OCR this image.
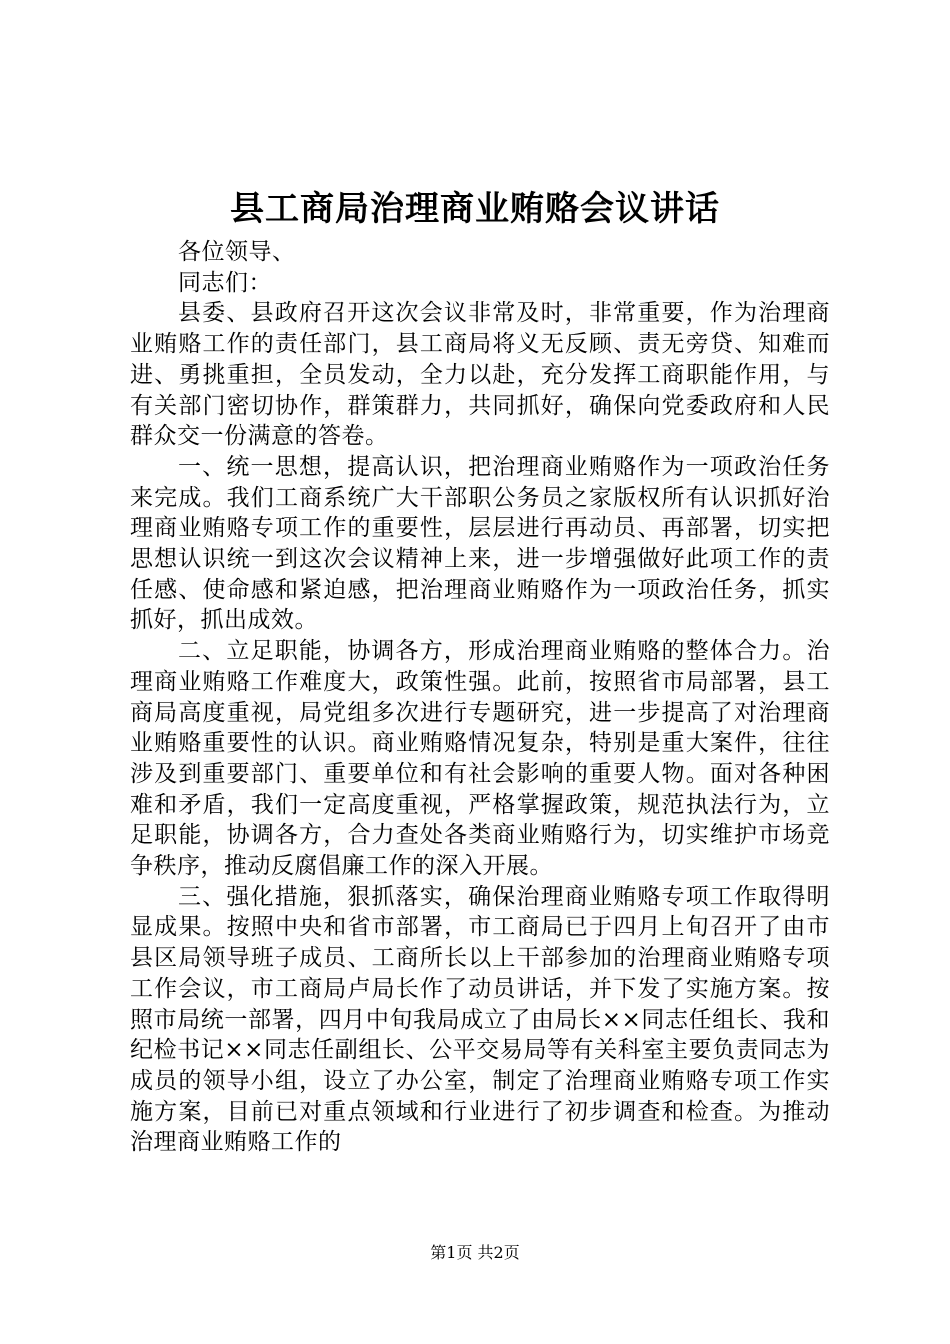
县工商局治理商业贿赂会议讲话

各位领导、

同志们：

县委、县政府召开这次会议非常及时，非常重要，作为治理商业贿赂工作的责任部门，县工商局将义无反顾、责无旁贷、知难而进、勇挑重担，全员发动，全力以赴，充分发挥工商职能作用，与有关部门密切协作，群策群力，共同抓好，确保向党委政府和人民群众交一份满意的答卷。

一、统一思想，提高认识，把治理商业贿赂作为一项政治任务来完成。我们工商系统广大干部职公务员之家版权所有认识抓好治理商业贿赂专项工作的重要性，层层进行再动员、再部署，切实把思想认识统一到这次会议精神上来，进一步增强做好此项工作的责任感、使命感和紧迫感，把治理商业贿赂作为一项政治任务，抓实抓好，抓出成效。

二、立足职能，协调各方，形成治理商业贿赂的整体合力。治理商业贿赂工作难度大，政策性强。此前，按照省市局部署，县工商局高度重视，局党组多次进行专题研究，进一步提高了对治理商业贿赂重要性的认识。商业贿赂情况复杂，特别是重大案件，往往涉及到重要部门、重要单位和有社会影响的重要人物。面对各种困难和矛盾，我们一定高度重视，严格掌握政策，规范执法行为，立足职能，协调各方，合力查处各类商业贿赂行为，切实维护市场竞争秩序，推动反腐倡廉工作的深入开展。

三、强化措施，狠抓落实，确保治理商业贿赂专项工作取得明显成果。按照中央和省市部署，市工商局已于四月上旬召开了由市县区局领导班子成员、工商所长以上干部参加的治理商业贿赂专项工作会议，市工商局卢局长作了动员讲话，并下发了实施方案。按照市局统一部署，四月中旬我局成立了由局长××同志任组长、我和纪检书记××同志任副组长、公平交易局等有关科室主要负责同志为成员的领导小组，设立了办公室，制定了治理商业贿赂专项工作实施方案，目前已对重点领域和行业进行了初步调查和检查。为推动治理商业贿赂工作的

第1页 共2页
